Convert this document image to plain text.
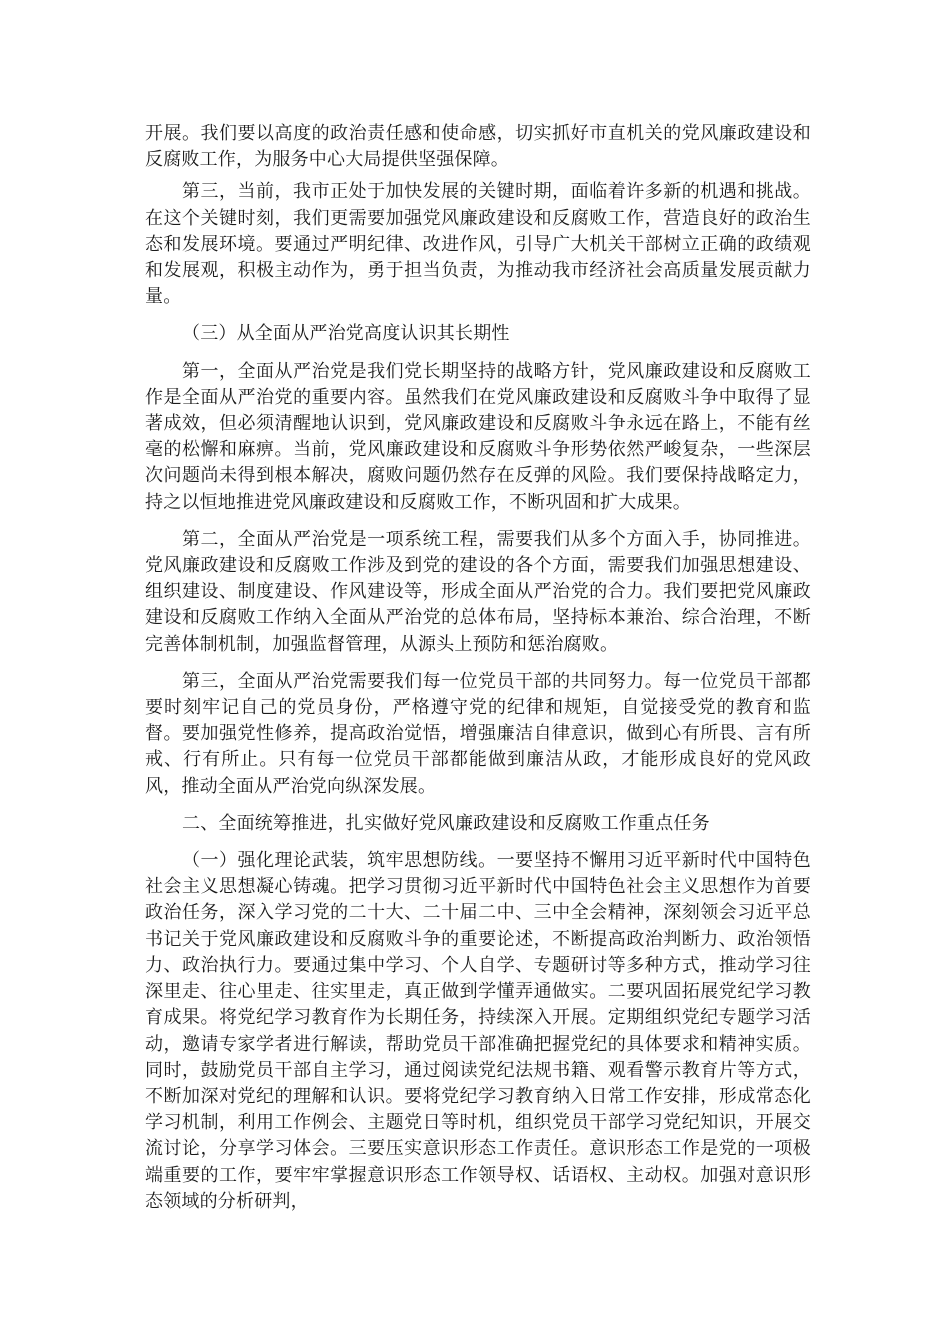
开展。我们要以高度的政治责任感和使命感，切实抓好市直机关的党风廉政建设和反腐败工作，为服务中心大局提供坚强保障。

第三，当前，我市正处于加快发展的关键时期，面临着许多新的机遇和挑战。在这个关键时刻，我们更需要加强党风廉政建设和反腐败工作，营造良好的政治生态和发展环境。要通过严明纪律、改进作风，引导广大机关干部树立正确的政绩观和发展观，积极主动作为，勇于担当负责，为推动我市经济社会高质量发展贡献力量。

（三）从全面从严治党高度认识其长期性

第一，全面从严治党是我们党长期坚持的战略方针，党风廉政建设和反腐败工作是全面从严治党的重要内容。虽然我们在党风廉政建设和反腐败斗争中取得了显著成效，但必须清醒地认识到，党风廉政建设和反腐败斗争永远在路上，不能有丝毫的松懈和麻痹。当前，党风廉政建设和反腐败斗争形势依然严峻复杂，一些深层次问题尚未得到根本解决，腐败问题仍然存在反弹的风险。我们要保持战略定力，持之以恒地推进党风廉政建设和反腐败工作，不断巩固和扩大成果。

第二，全面从严治党是一项系统工程，需要我们从多个方面入手，协同推进。党风廉政建设和反腐败工作涉及到党的建设的各个方面，需要我们加强思想建设、组织建设、制度建设、作风建设等，形成全面从严治党的合力。我们要把党风廉政建设和反腐败工作纳入全面从严治党的总体布局，坚持标本兼治、综合治理，不断完善体制机制，加强监督管理，从源头上预防和惩治腐败。

第三，全面从严治党需要我们每一位党员干部的共同努力。每一位党员干部都要时刻牢记自己的党员身份，严格遵守党的纪律和规矩，自觉接受党的教育和监督。要加强党性修养，提高政治觉悟，增强廉洁自律意识，做到心有所畏、言有所戒、行有所止。只有每一位党员干部都能做到廉洁从政，才能形成良好的党风政风，推动全面从严治党向纵深发展。

二、全面统筹推进，扎实做好党风廉政建设和反腐败工作重点任务

（一）强化理论武装，筑牢思想防线。一要坚持不懈用习近平新时代中国特色社会主义思想凝心铸魂。把学习贯彻习近平新时代中国特色社会主义思想作为首要政治任务，深入学习党的二十大、二十届二中、三中全会精神，深刻领会习近平总书记关于党风廉政建设和反腐败斗争的重要论述，不断提高政治判断力、政治领悟力、政治执行力。要通过集中学习、个人自学、专题研讨等多种方式，推动学习往深里走、往心里走、往实里走，真正做到学懂弄通做实。二要巩固拓展党纪学习教育成果。将党纪学习教育作为长期任务，持续深入开展。定期组织党纪专题学习活动，邀请专家学者进行解读，帮助党员干部准确把握党纪的具体要求和精神实质。同时，鼓励党员干部自主学习，通过阅读党纪法规书籍、观看警示教育片等方式，不断加深对党纪的理解和认识。要将党纪学习教育纳入日常工作安排，形成常态化学习机制，利用工作例会、主题党日等时机，组织党员干部学习党纪知识，开展交流讨论，分享学习体会。三要压实意识形态工作责任。意识形态工作是党的一项极端重要的工作，要牢牢掌握意识形态工作领导权、话语权、主动权。加强对意识形态领域的分析研判，
